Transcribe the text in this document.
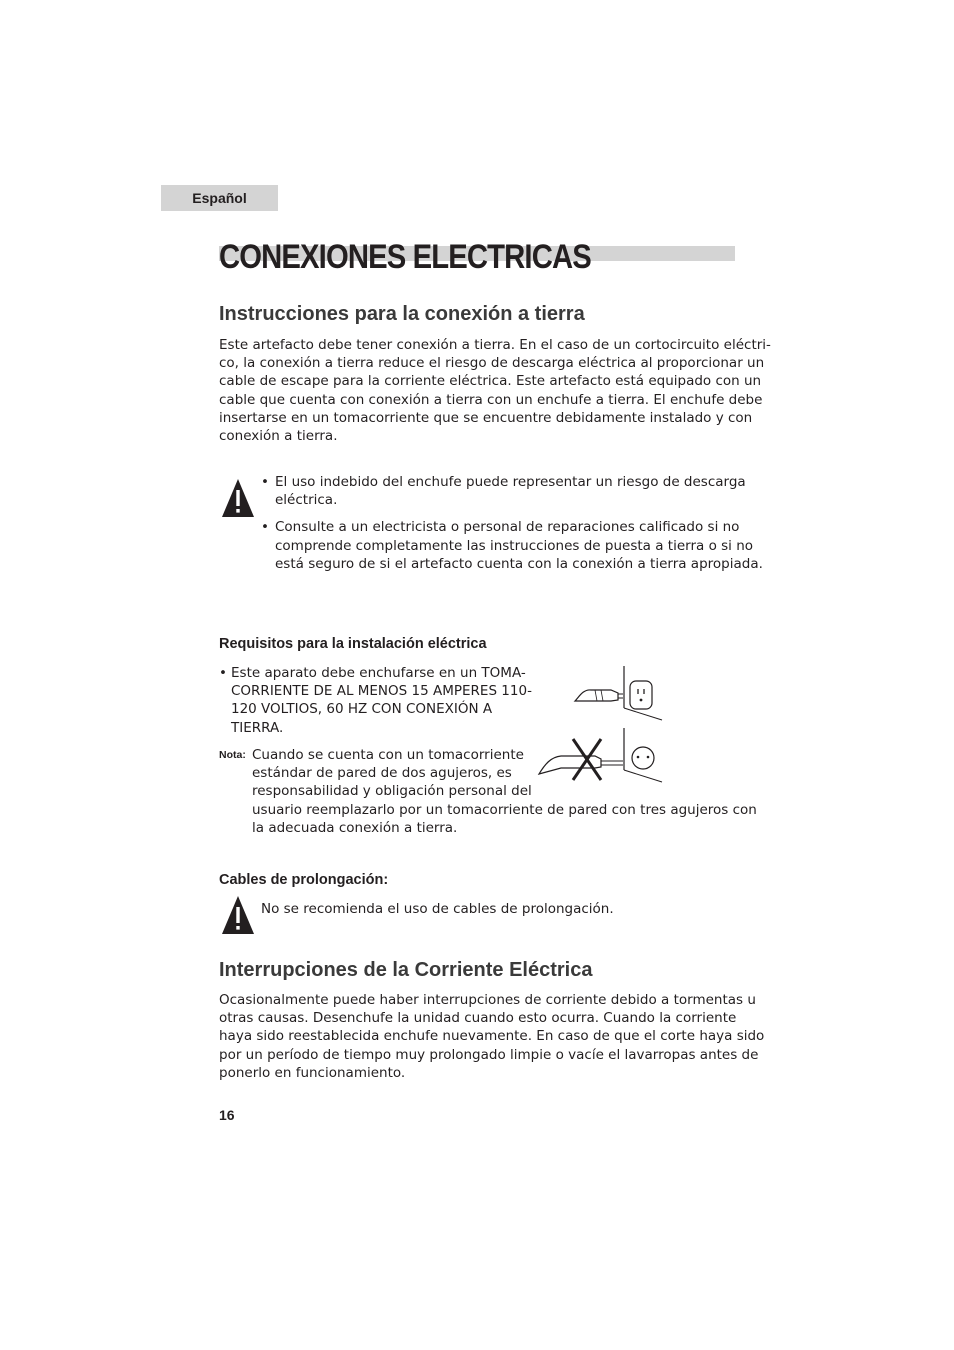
Español
CONEXIONES ELECTRICAS
Instrucciones para la conexión a tierra
Este artefacto debe tener conexión a tierra. En el caso de un cortocircuito eléctri-
co, la conexión a tierra reduce el riesgo de descarga eléctrica al proporcionar un
cable de escape para la corriente eléctrica. Este artefacto está equipado con un
cable que cuenta con conexión a tierra con un enchufe a tierra. El enchufe debe
insertarse en un tomacorriente que se encuentre debidamente instalado y con
conexión a tierra.
• El uso indebido del enchufe puede representar un riesgo de descarga
eléctrica.
• Consulte a un electricista o personal de reparaciones calificado si no
comprende completamente las instrucciones de puesta a tierra o si no
está seguro de si el artefacto cuenta con la conexión a tierra apropiada.
Requisitos para la instalación eléctrica
• Este aparato debe enchufarse en un TOMA-
CORRIENTE DE AL MENOS 15 AMPERES 110-
120 VOLTIOS, 60 HZ CON CONEXIÓN A
TIERRA.
Nota: Cuando se cuenta con un tomacorriente
estándar de pared de dos agujeros, es
responsabilidad y obligación personal del
usuario reemplazarlo por un tomacorriente de pared con tres agujeros con
la adecuada conexión a tierra.
Cables de prolongación:
No se recomienda el uso de cables de prolongación.
Interrupciones de la Corriente Eléctrica
Ocasionalmente puede haber interrupciones de corriente debido a tormentas u
otras causas. Desenchufe la unidad cuando esto ocurra. Cuando la corriente
haya sido reestablecida enchufe nuevamente. En caso de que el corte haya sido
por un período de tiempo muy prolongado limpie o vacíe el lavarropas antes de
ponerlo en funcionamiento.
16
